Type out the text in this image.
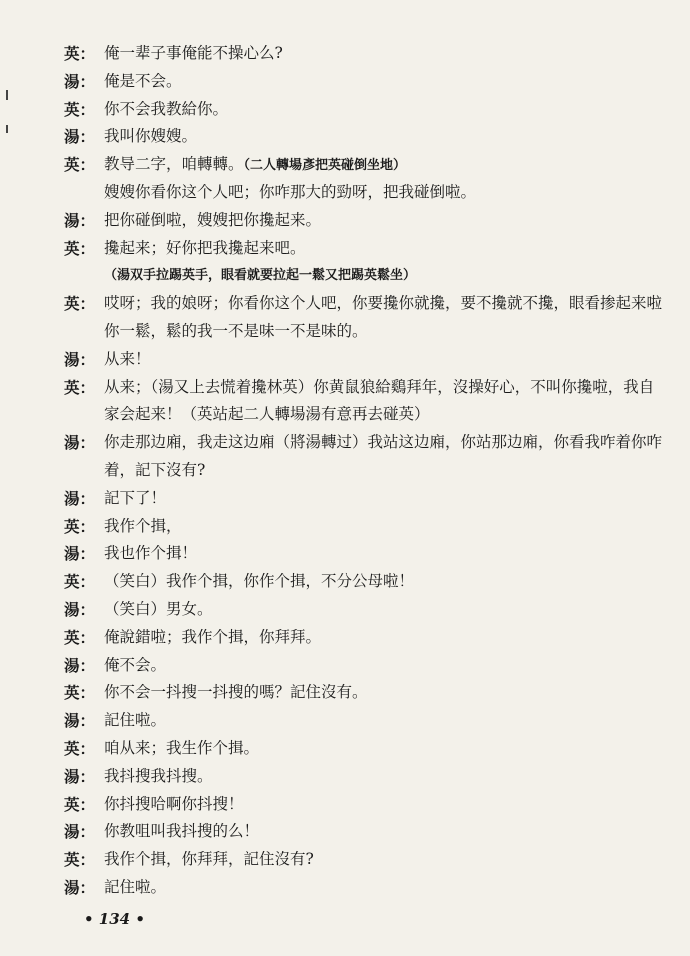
英： 俺一辈子事俺能不操心么?
湯： 俺是不会。
英： 你不会我教給你。
湯： 我叫你嫂嫂。
英： 教导二字，咱轉轉。（二人轉場彥把英碰倒坐地）
嫂嫂你看你这个人吧；你咋那大的勁呀，把我碰倒啦。
湯： 把你碰倒啦，嫂嫂把你攙起来。
英： 攙起来；好你把我攙起来吧。
（湯双手拉踢英手，眼看就要拉起一鬆又把踢英鬆坐）
英： 哎呀；我的娘呀；你看你这个人吧，你要攙你就攙，要不攙就不攙，眼看掺起来啦你一鬆，鬆的我一不是味一不是味的。
湯： 从来！
英： 从来；（湯又上去慌着攙林英）你黄鼠狼給鷄拜年，沒操好心，不叫你攙啦，我自家会起来！（英站起二人轉場湯有意再去碰英）
湯： 你走那边廂，我走这边廂（將湯轉过）我站这边廂，你站那边廂，你看我咋着你咋着，記下沒有?
湯： 記下了！
英： 我作个揖，
湯： 我也作个揖！
英： （笑白）我作个揖，你作个揖，不分公母啦！
湯： （笑白）男女。
英： 俺說錯啦；我作个揖，你拜拜。
湯： 俺不会。
英： 你不会一抖搜一抖搜的嗎？記住沒有。
湯： 記住啦。
英： 咱从来；我生作个揖。
湯： 我抖搜我抖搜。
英： 你抖搜哈啊你抖搜！
湯： 你教咀叫我抖搜的么！
英： 我作个揖，你拜拜，記住沒有?
湯： 記住啦。
• 134 •
